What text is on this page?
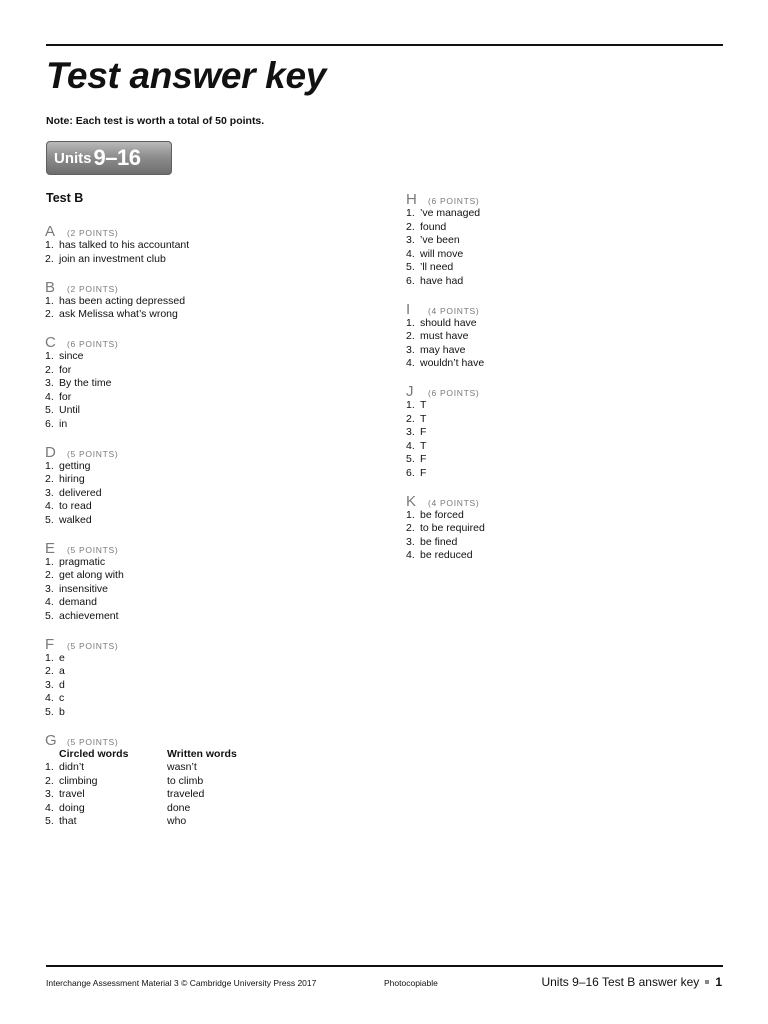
Test answer key
Note: Each test is worth a total of 50 points.
Units 9–16
Test B
A (2 POINTS)
1. has talked to his accountant
2. join an investment club
B (2 POINTS)
1. has been acting depressed
2. ask Melissa what’s wrong
C (6 POINTS)
1. since
2. for
3. By the time
4. for
5. Until
6. in
D (5 POINTS)
1. getting
2. hiring
3. delivered
4. to read
5. walked
E (5 POINTS)
1. pragmatic
2. get along with
3. insensitive
4. demand
5. achievement
F (5 POINTS)
1. e
2. a
3. d
4. c
5. b
G (5 POINTS)
Circled words	Written words
1. didn’t	wasn’t
2. climbing	to climb
3. travel	traveled
4. doing	done
5. that	who
H (6 POINTS)
1. ’ve managed
2. found
3. ’ve been
4. will move
5. ’ll need
6. have had
I (4 POINTS)
1. should have
2. must have
3. may have
4. wouldn’t have
J (6 POINTS)
1. T
2. T
3. F
4. T
5. F
6. F
K (4 POINTS)
1. be forced
2. to be required
3. be fined
4. be reduced
Interchange Assessment Material 3 © Cambridge University Press 2017	Photocopiable	Units 9–16 Test B answer key 1
